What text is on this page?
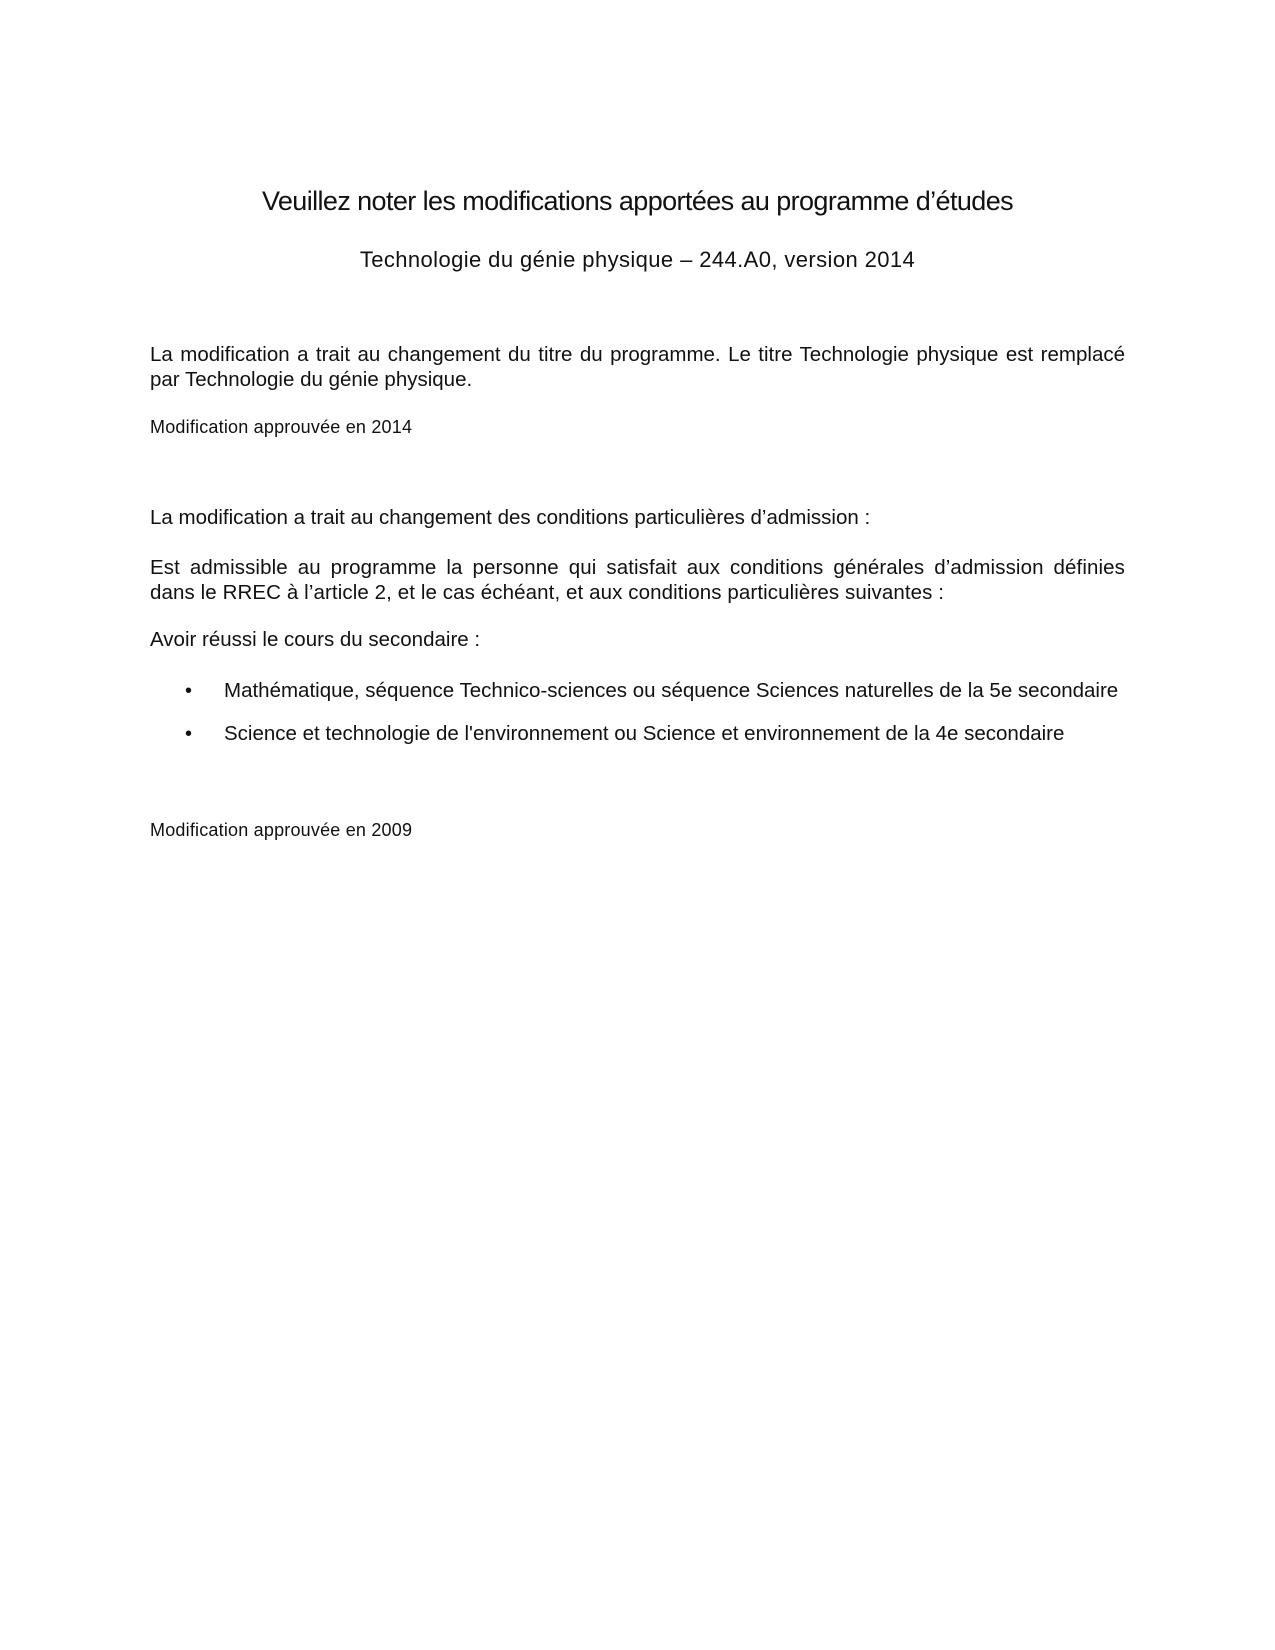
Veuillez noter les modifications apportées au programme d’études
Technologie du génie physique – 244.A0, version 2014

La modification a trait au changement du titre du programme. Le titre Technologie physique est remplacé par Technologie du génie physique.

Modification approuvée en 2014

La modification a trait au changement des conditions particulières d’admission :

Est admissible au programme la personne qui satisfait aux conditions générales d’admission définies dans le RREC à l’article 2, et le cas échéant, et aux conditions particulières suivantes :

Avoir réussi le cours du secondaire :

• Mathématique, séquence Technico-sciences ou séquence Sciences naturelles de la 5e secondaire
• Science et technologie de l'environnement ou Science et environnement de la 4e secondaire

Modification approuvée en 2009
